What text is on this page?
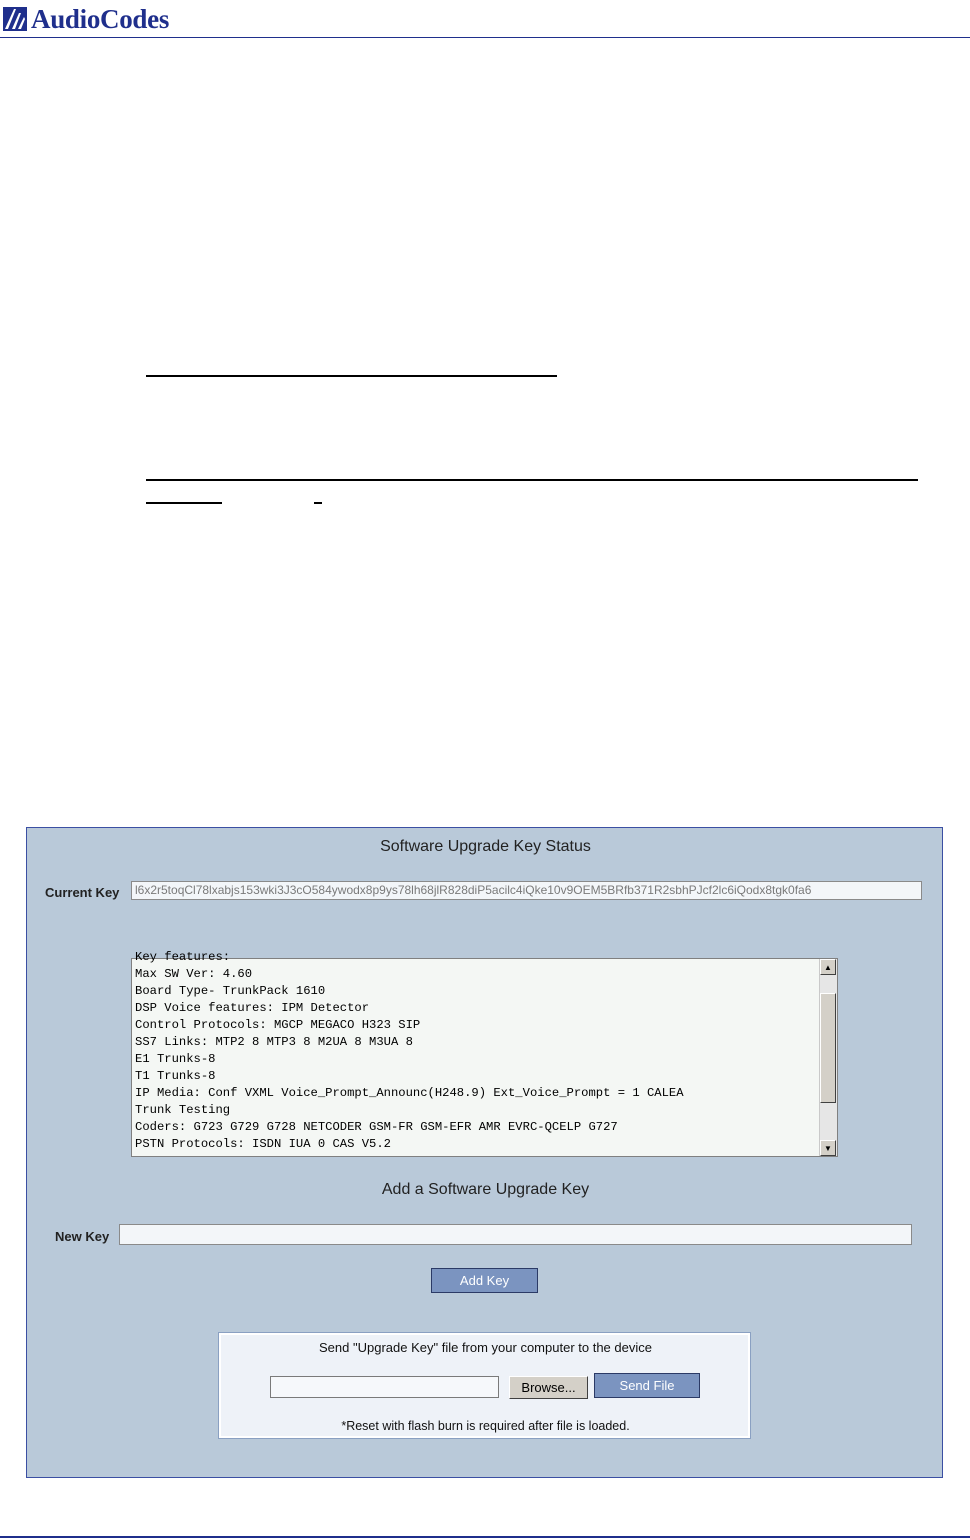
AudioCodes
Software Upgrade Key Status
Current Key	l6x2r5toqCl78lxabjs153wki3J3cO584ywodx8p9ys78lh68jlR828diP5acilc4iQke10v9OEM5BRfb371R2sbhPJcf2lc6iQodx8tgk0fa6
Key features:
Max SW Ver: 4.60
Board Type- TrunkPack 1610
DSP Voice features: IPM Detector
Control Protocols: MGCP MEGACO H323 SIP
SS7 Links: MTP2 8 MTP3 8 M2UA 8 M3UA 8
E1 Trunks-8
T1 Trunks-8
IP Media: Conf VXML Voice_Prompt_Announc(H248.9) Ext_Voice_Prompt = 1 CALEA
Trunk Testing
Coders: G723 G729 G728 NETCODER GSM-FR GSM-EFR AMR EVRC-QCELP G727
PSTN Protocols: ISDN IUA 0 CAS V5.2
▲
▼
Add a Software Upgrade Key
New Key
Add Key
Send "Upgrade Key" file from your computer to the device
Browse...	Send File
*Reset with flash burn is required after file is loaded.
